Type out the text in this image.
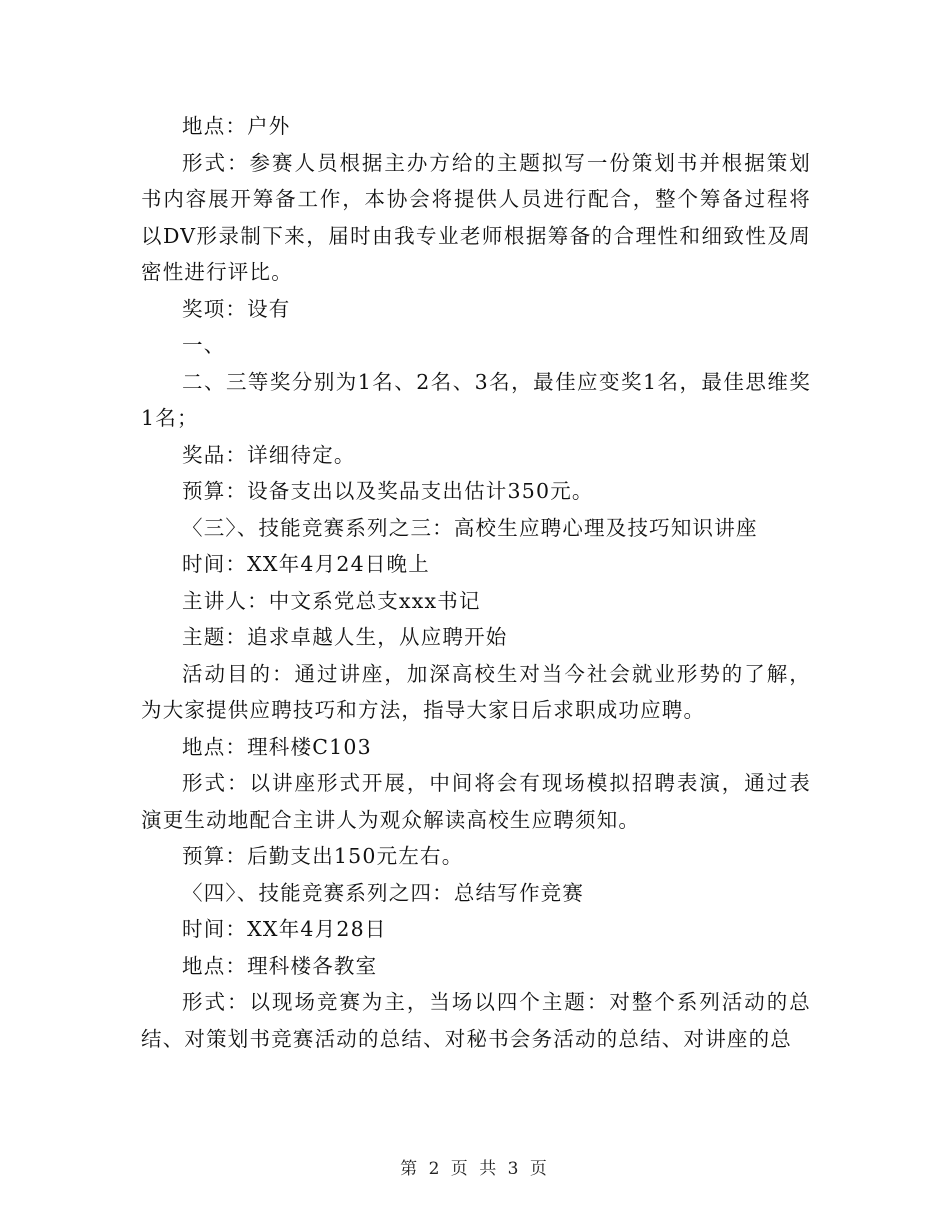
地点：户外

形式：参赛人员根据主办方给的主题拟写一份策划书并根据策划书内容展开筹备工作，本协会将提供人员进行配合，整个筹备过程将以DV形录制下来，届时由我专业老师根据筹备的合理性和细致性及周密性进行评比。

奖项：设有

一、

二、三等奖分别为1名、2名、3名，最佳应变奖1名，最佳思维奖1名；

奖品：详细待定。

预算：设备支出以及奖品支出估计350元。

〈三〉、技能竞赛系列之三：高校生应聘心理及技巧知识讲座

时间：XX年4月24日晚上

主讲人：中文系党总支xxx书记

主题：追求卓越人生，从应聘开始

活动目的：通过讲座，加深高校生对当今社会就业形势的了解，为大家提供应聘技巧和方法，指导大家日后求职成功应聘。

地点：理科楼C103

形式：以讲座形式开展，中间将会有现场模拟招聘表演，通过表演更生动地配合主讲人为观众解读高校生应聘须知。

预算：后勤支出150元左右。

〈四〉、技能竞赛系列之四：总结写作竞赛

时间：XX年4月28日

地点：理科楼各教室

形式：以现场竞赛为主，当场以四个主题：对整个系列活动的总结、对策划书竞赛活动的总结、对秘书会务活动的总结、对讲座的总

第 2 页 共 3 页
